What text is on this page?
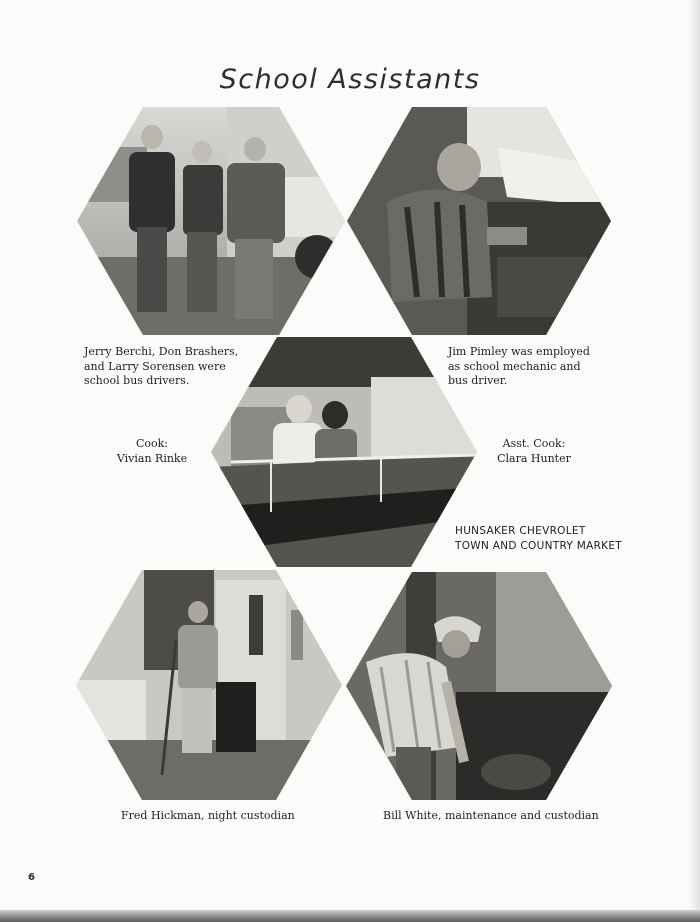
School Assistants
Jerry Berchi, Don Brashers,
and Larry Sorensen were
school bus drivers.
Jim Pimley was employed
as school mechanic and
bus driver.
Cook:
Vivian Rinke
Asst. Cook:
Clara Hunter
HUNSAKER CHEVROLET
TOWN AND COUNTRY MARKET
Fred Hickman, night custodian	Bill White, maintenance and custodian
6
